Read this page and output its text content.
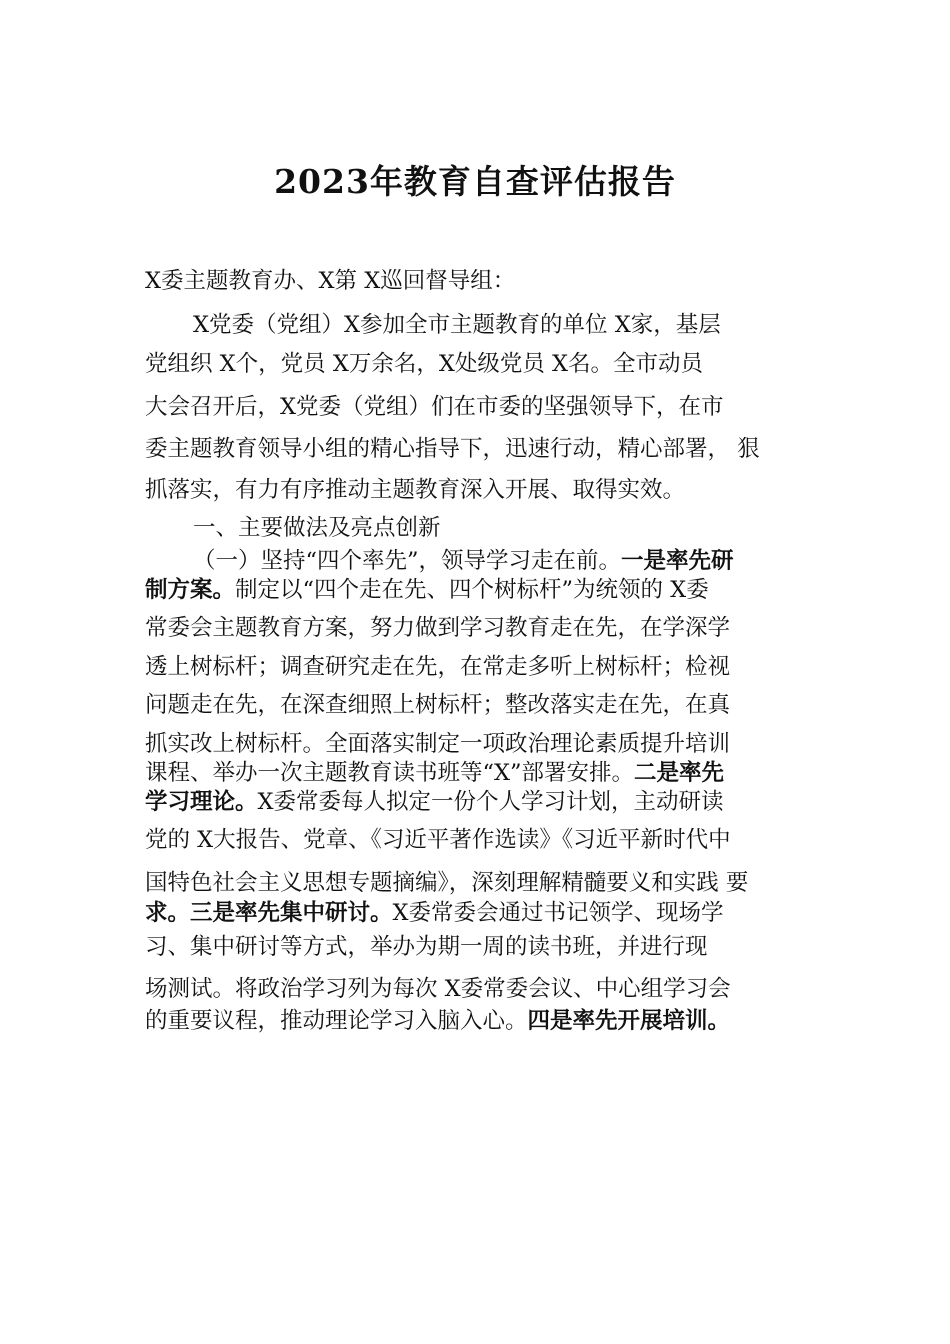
2023年教育自查评估报告
X委主题教育办、X第 X巡回督导组：
X党委（党组）X参加全市主题教育的单位 X家，基层
党组织 X个，党员 X万余名，X处级党员 X名。全市动员
大会召开后，X党委（党组）们在市委的坚强领导下，在市
委主题教育领导小组的精心指导下，迅速行动，精心部署， 狠
抓落实，有力有序推动主题教育深入开展、取得实效。
一、主要做法及亮点创新
（一）坚持“四个率先”，领导学习走在前。一是率先研
制方案。制定以“四个走在先、四个树标杆”为统领的 X委
常委会主题教育方案，努力做到学习教育走在先，在学深学
透上树标杆；调查研究走在先，在常走多听上树标杆；检视
问题走在先，在深查细照上树标杆；整改落实走在先，在真
抓实改上树标杆。全面落实制定一项政治理论素质提升培训
课程、举办一次主题教育读书班等“X”部署安排。二是率先
学习理论。X委常委每人拟定一份个人学习计划，主动研读
党的 X大报告、党章、《习近平著作选读》《习近平新时代中
国特色社会主义思想专题摘编》，深刻理解精髓要义和实践 要
求。三是率先集中研讨。X委常委会通过书记领学、现场学
习、集中研讨等方式，举办为期一周的读书班，并进行现
场测试。将政治学习列为每次 X委常委会议、中心组学习会
的重要议程，推动理论学习入脑入心。四是率先开展培训。
